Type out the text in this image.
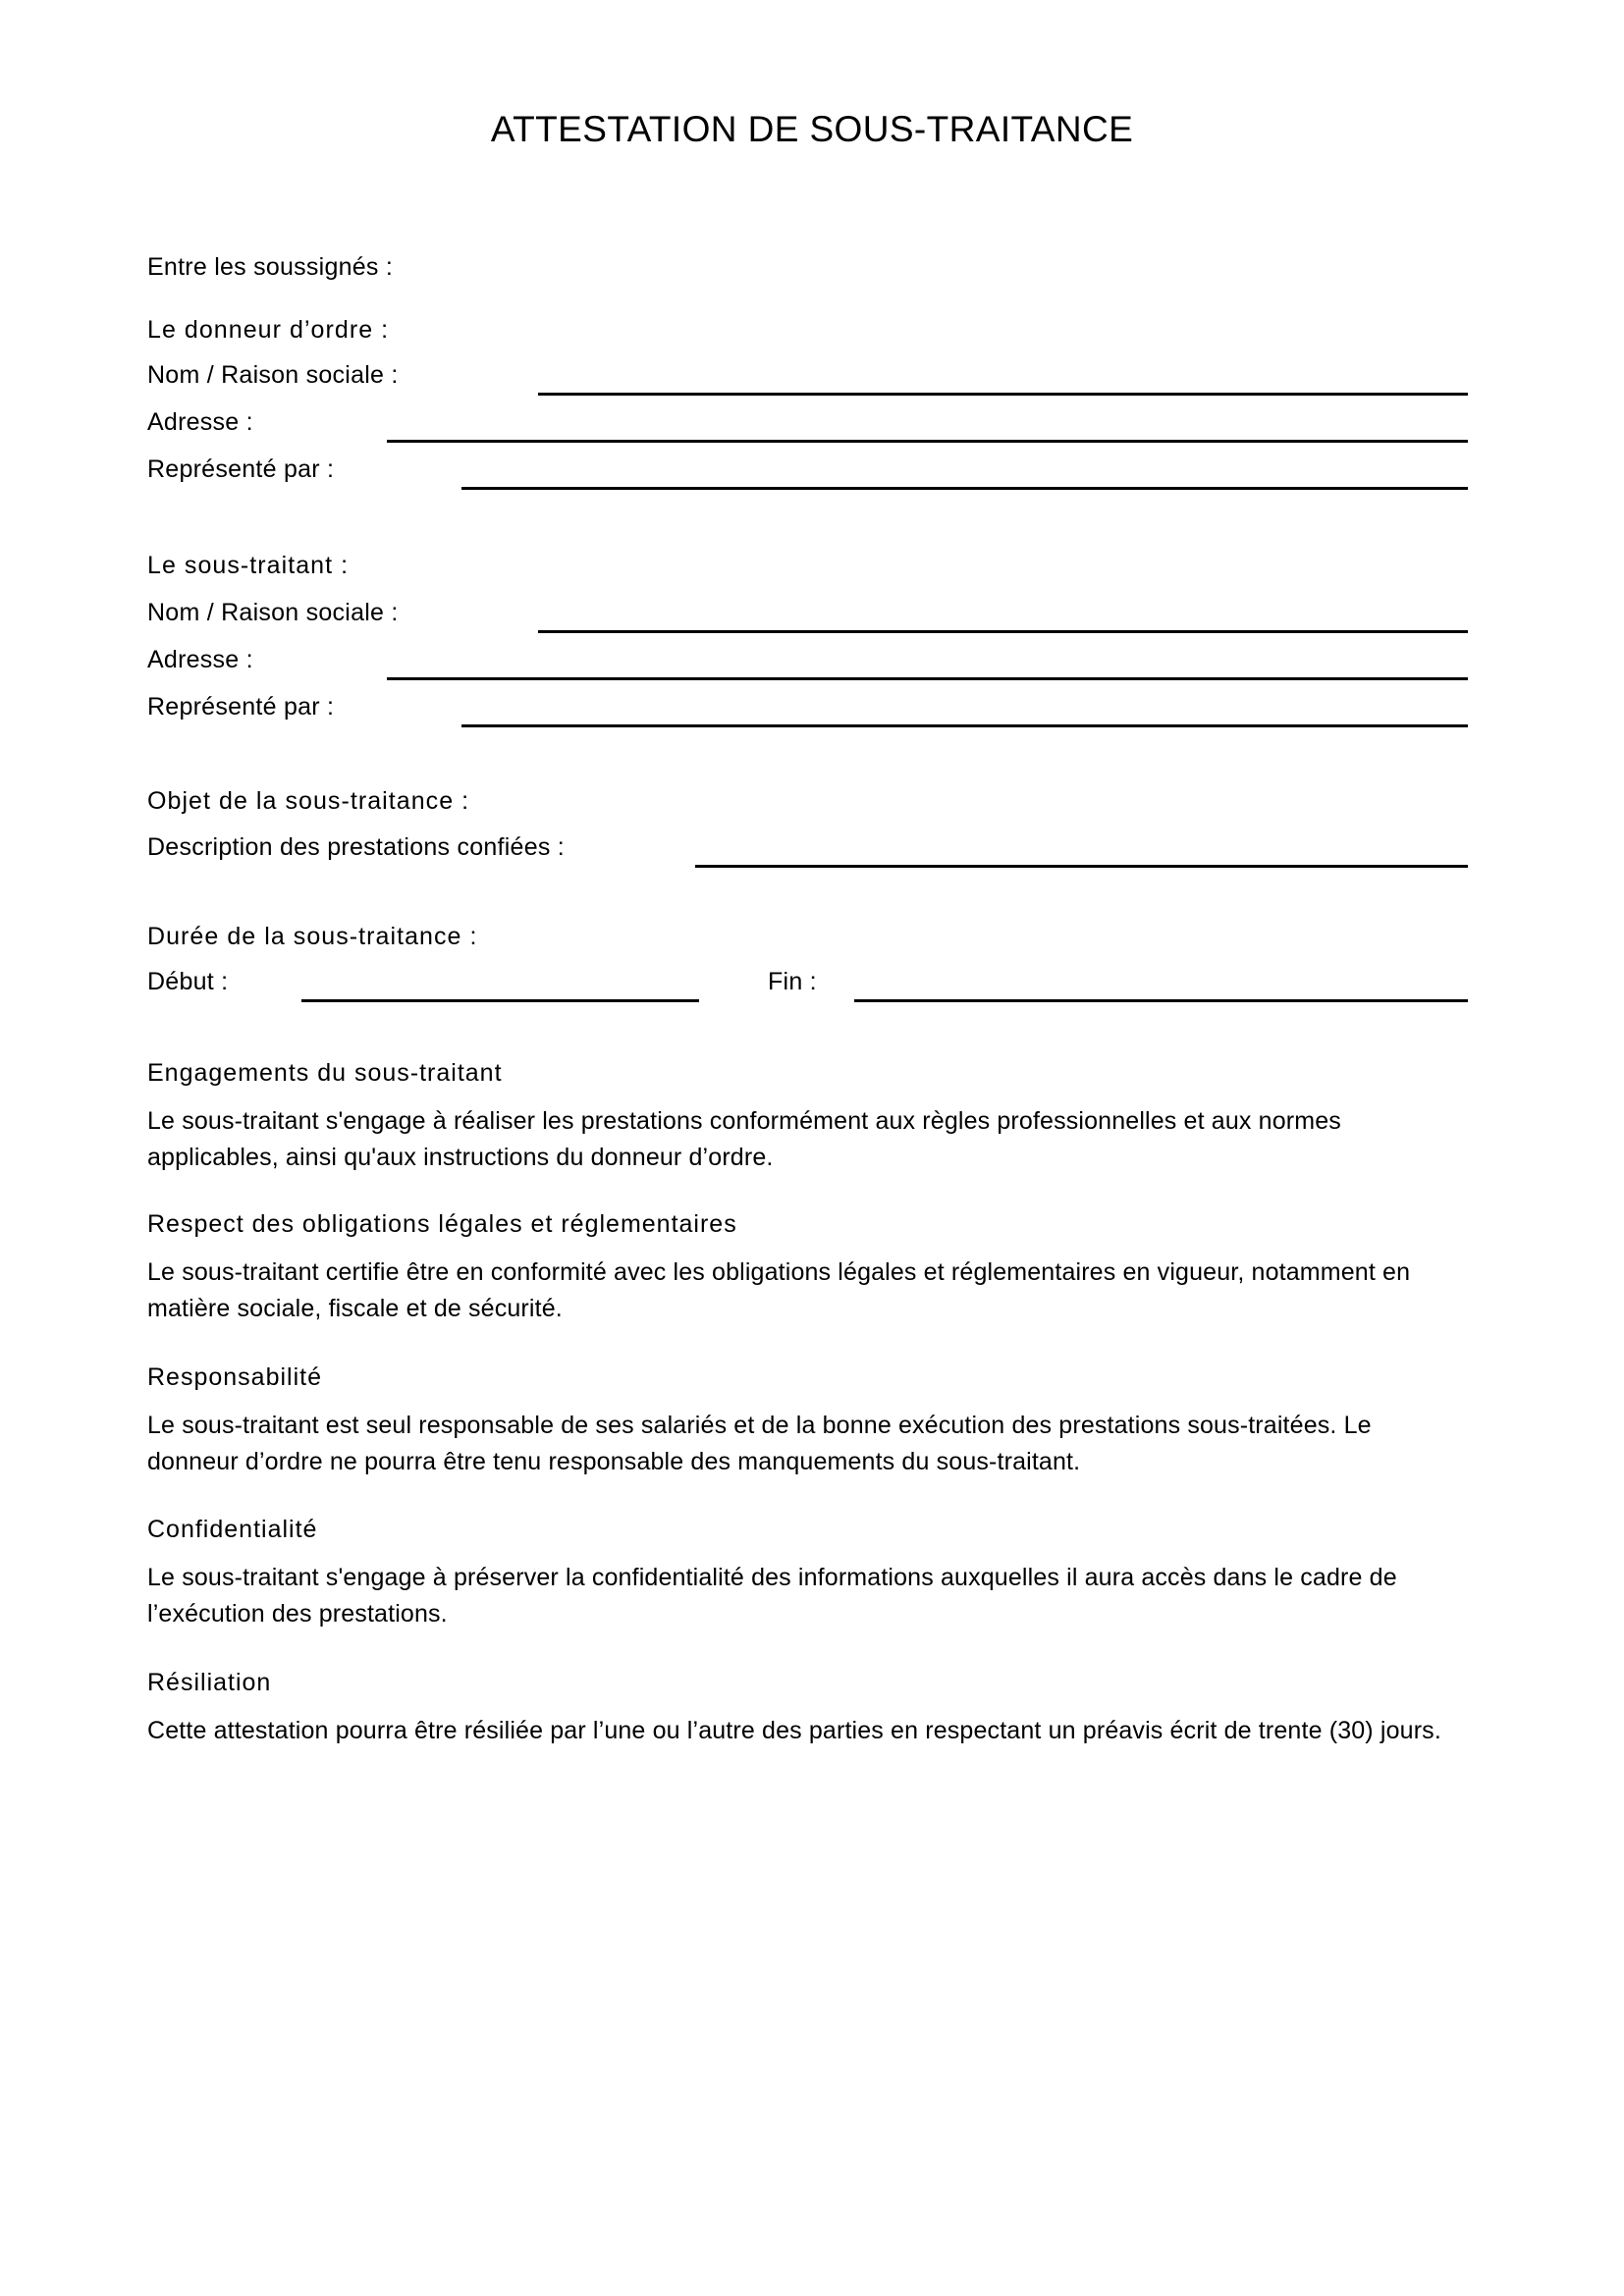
ATTESTATION DE SOUS-TRAITANCE
Entre les soussignés :
Le donneur d’ordre :
Nom / Raison sociale :
Adresse :
Représenté par :
Le sous-traitant :
Nom / Raison sociale :
Adresse :
Représenté par :
Objet de la sous-traitance :
Description des prestations confiées :
Durée de la sous-traitance :
Début :	Fin :
Engagements du sous-traitant

Le sous-traitant s'engage à réaliser les prestations conformément aux règles professionnelles et aux normes applicables, ainsi qu'aux instructions du donneur d’ordre.

Respect des obligations légales et réglementaires

Le sous-traitant certifie être en conformité avec les obligations légales et réglementaires en vigueur, notamment en matière sociale, fiscale et de sécurité.

Responsabilité

Le sous-traitant est seul responsable de ses salariés et de la bonne exécution des prestations sous-traitées. Le donneur d’ordre ne pourra être tenu responsable des manquements du sous-traitant.

Confidentialité

Le sous-traitant s'engage à préserver la confidentialité des informations auxquelles il aura accès dans le cadre de l’exécution des prestations.

Résiliation

Cette attestation pourra être résiliée par l’une ou l’autre des parties en respectant un préavis écrit de trente (30) jours.
